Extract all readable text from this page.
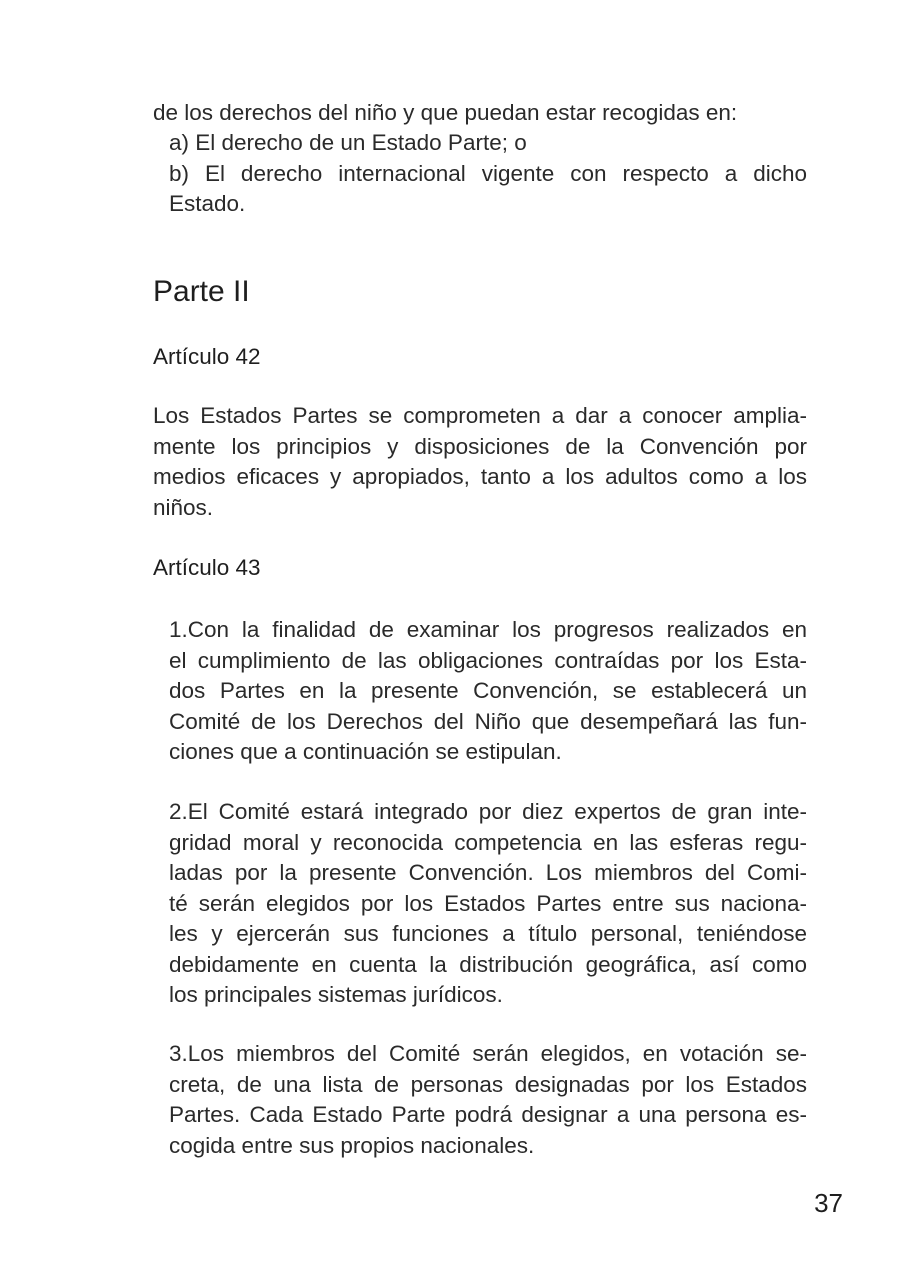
de los derechos del niño y que puedan estar recogidas en:
a) El derecho de un Estado Parte; o
b) El derecho internacional vigente con respecto a dicho
Estado.
Parte II
Artículo 42
Los Estados Partes se comprometen a dar a conocer amplia-
mente los principios y disposiciones de la Convención por
medios eficaces y apropiados, tanto a los adultos como a los
niños.
Artículo 43
1.Con la finalidad de examinar los progresos realizados en
el cumplimiento de las obligaciones contraídas por los Esta-
dos Partes en la presente Convención, se establecerá un
Comité de los Derechos del Niño que desempeñará las fun-
ciones que a continuación se estipulan.
2.El Comité estará integrado por diez expertos de gran inte-
gridad moral y reconocida competencia en las esferas regu-
ladas por la presente Convención. Los miembros del Comi-
té serán elegidos por los Estados Partes entre sus naciona-
les y ejercerán sus funciones a título personal, teniéndose
debidamente en cuenta la distribución geográfica, así como
los principales sistemas jurídicos.
3.Los miembros del Comité serán elegidos, en votación se-
creta, de una lista de personas designadas por los Estados
Partes. Cada Estado Parte podrá designar a una persona es-
cogida entre sus propios nacionales.
37
